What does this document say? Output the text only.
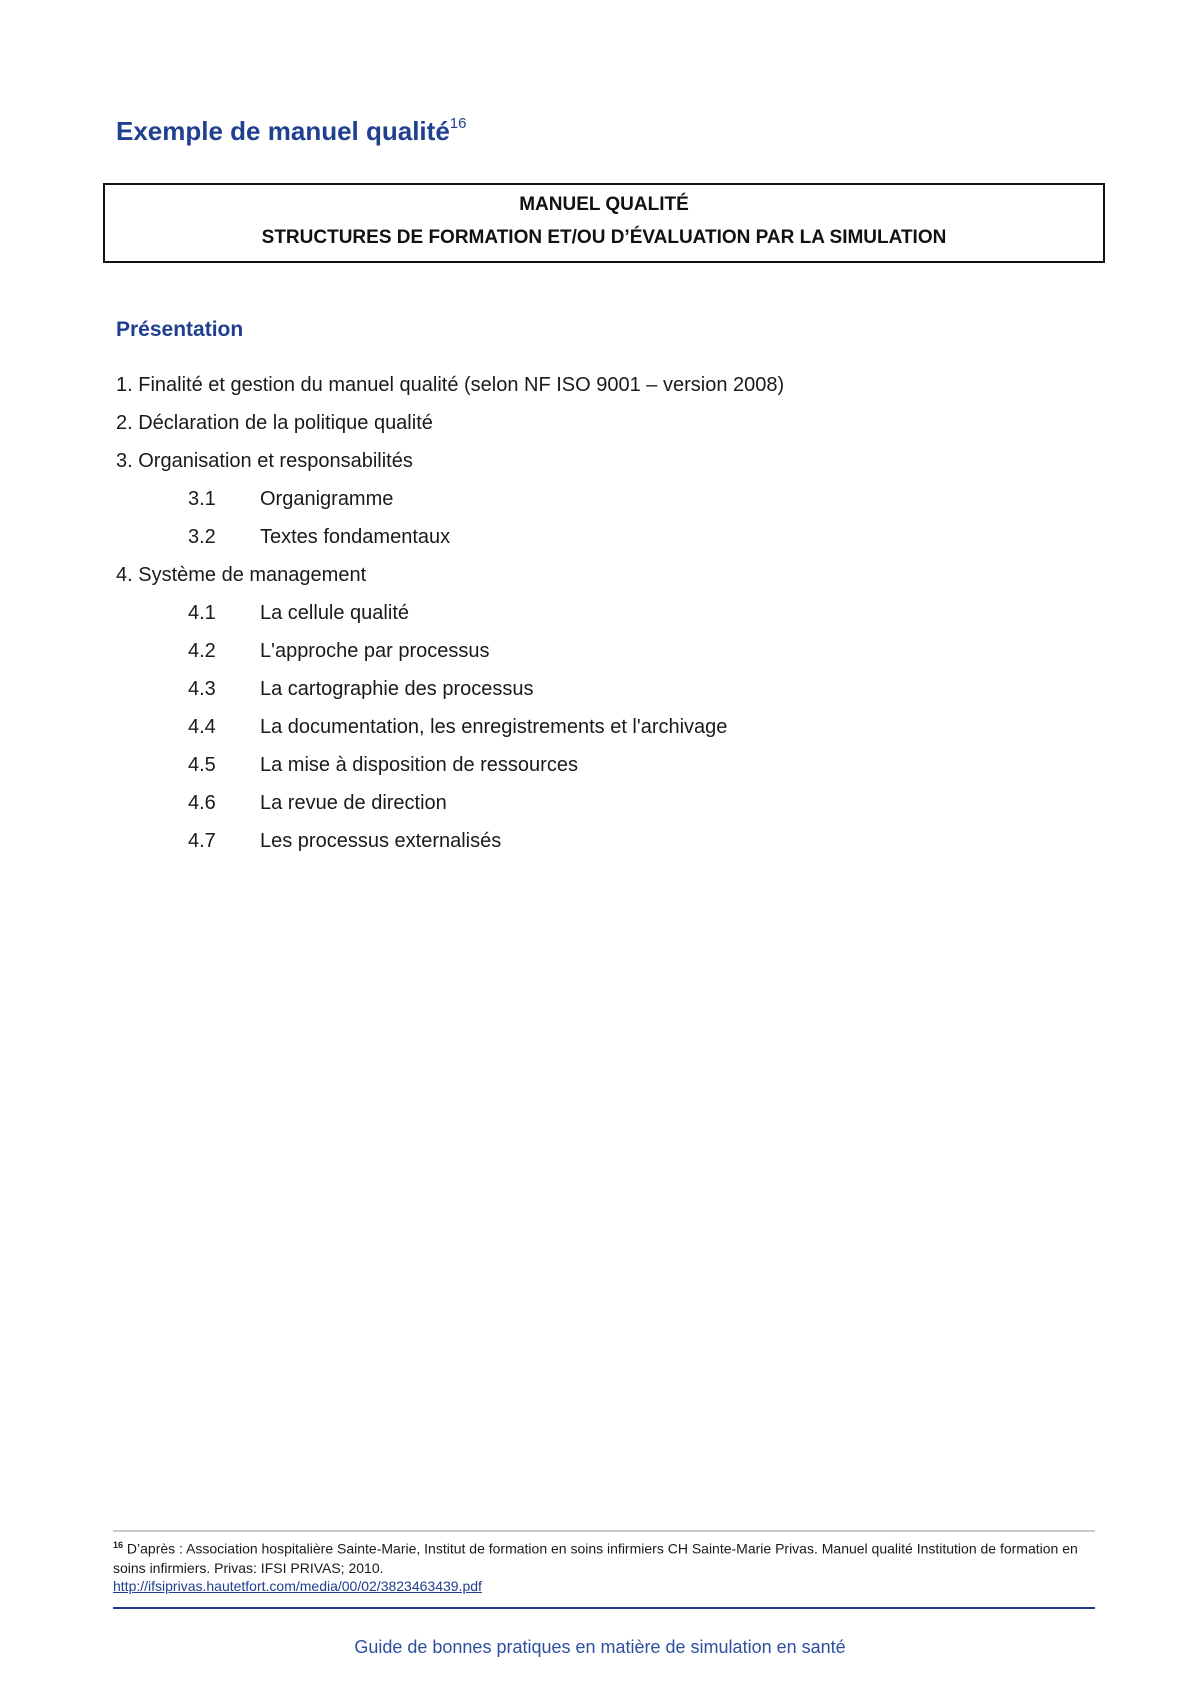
Exemple de manuel qualité$^{16}$
MANUEL QUALITÉ
STRUCTURES DE FORMATION ET/OU D’ÉVALUATION PAR LA SIMULATION
Présentation
1. Finalité et gestion du manuel qualité (selon NF ISO 9001 – version 2008)
2. Déclaration de la politique qualité
3. Organisation et responsabilités
3.1 Organigramme
3.2 Textes fondamentaux
4. Système de management
4.1 La cellule qualité
4.2 L'approche par processus
4.3 La cartographie des processus
4.4 La documentation, les enregistrements et l'archivage
4.5 La mise à disposition de ressources
4.6 La revue de direction
4.7 Les processus externalisés
$^{16}$ D’après : Association hospitalière Sainte-Marie, Institut de formation en soins infirmiers CH Sainte-Marie Privas. Manuel qualité Institution de formation en soins infirmiers. Privas: IFSI PRIVAS; 2010.
http://ifsiprivas.hautetfort.com/media/00/02/3823463439.pdf
Guide de bonnes pratiques en matière de simulation en santé
